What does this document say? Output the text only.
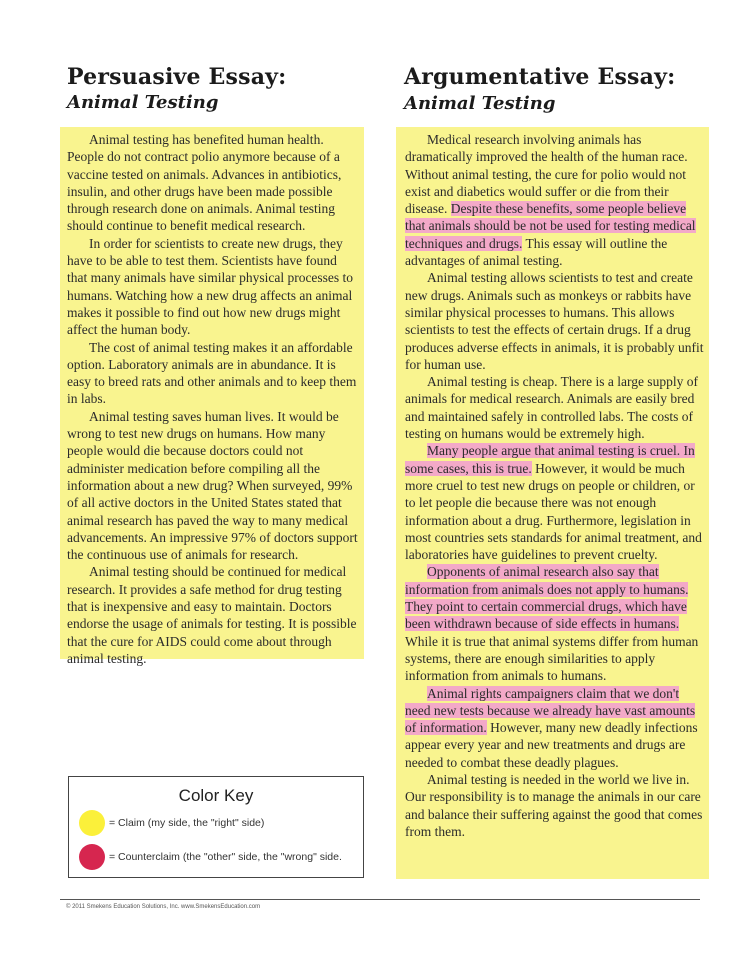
Persuasive Essay:
Animal Testing

Animal testing has benefited human health. People do not contract polio anymore because of a vaccine tested on animals. Advances in antibiotics, insulin, and other drugs have been made possible through research done on animals. Animal testing should continue to benefit medical research.

In order for scientists to create new drugs, they have to be able to test them. Scientists have found that many animals have similar physical processes to humans. Watching how a new drug affects an animal makes it possible to find out how new drugs might affect the human body.

The cost of animal testing makes it an affordable option. Laboratory animals are in abundance. It is easy to breed rats and other animals and to keep them in labs.

Animal testing saves human lives. It would be wrong to test new drugs on humans. How many people would die because doctors could not administer medication before compiling all the information about a new drug? When surveyed, 99% of all active doctors in the United States stated that animal research has paved the way to many medical advancements. An impressive 97% of doctors support the continuous use of animals for research.

Animal testing should be continued for medical research. It provides a safe method for drug testing that is inexpensive and easy to maintain. Doctors endorse the usage of animals for testing. It is possible that the cure for AIDS could come about through animal testing.

Argumentative Essay:
Animal Testing

Medical research involving animals has dramatically improved the health of the human race. Without animal testing, the cure for polio would not exist and diabetics would suffer or die from their disease. Despite these benefits, some people believe that animals should be not be used for testing medical techniques and drugs. This essay will outline the advantages of animal testing.

Animal testing allows scientists to test and create new drugs. Animals such as monkeys or rabbits have similar physical processes to humans. This allows scientists to test the effects of certain drugs. If a drug produces adverse effects in animals, it is probably unfit for human use.

Animal testing is cheap. There is a large supply of animals for medical research. Animals are easily bred and maintained safely in controlled labs. The costs of testing on humans would be extremely high.

Many people argue that animal testing is cruel. In some cases, this is true. However, it would be much more cruel to test new drugs on people or children, or to let people die because there was not enough information about a drug. Furthermore, legislation in most countries sets standards for animal treatment, and laboratories have guidelines to prevent cruelty.

Opponents of animal research also say that information from animals does not apply to humans. They point to certain commercial drugs, which have been withdrawn because of side effects in humans. While it is true that animal systems differ from human systems, there are enough similarities to apply information from animals to humans.

Animal rights campaigners claim that we don't need new tests because we already have vast amounts of information. However, many new deadly infections appear every year and new treatments and drugs are needed to combat these deadly plagues.

Animal testing is needed in the world we live in. Our responsibility is to manage the animals in our care and balance their suffering against the good that comes from them.

Color Key
= Claim (my side, the "right" side)
= Counterclaim (the "other" side, the "wrong" side.
© 2011 Smekens Education Solutions, Inc. www.SmekensEducation.com
